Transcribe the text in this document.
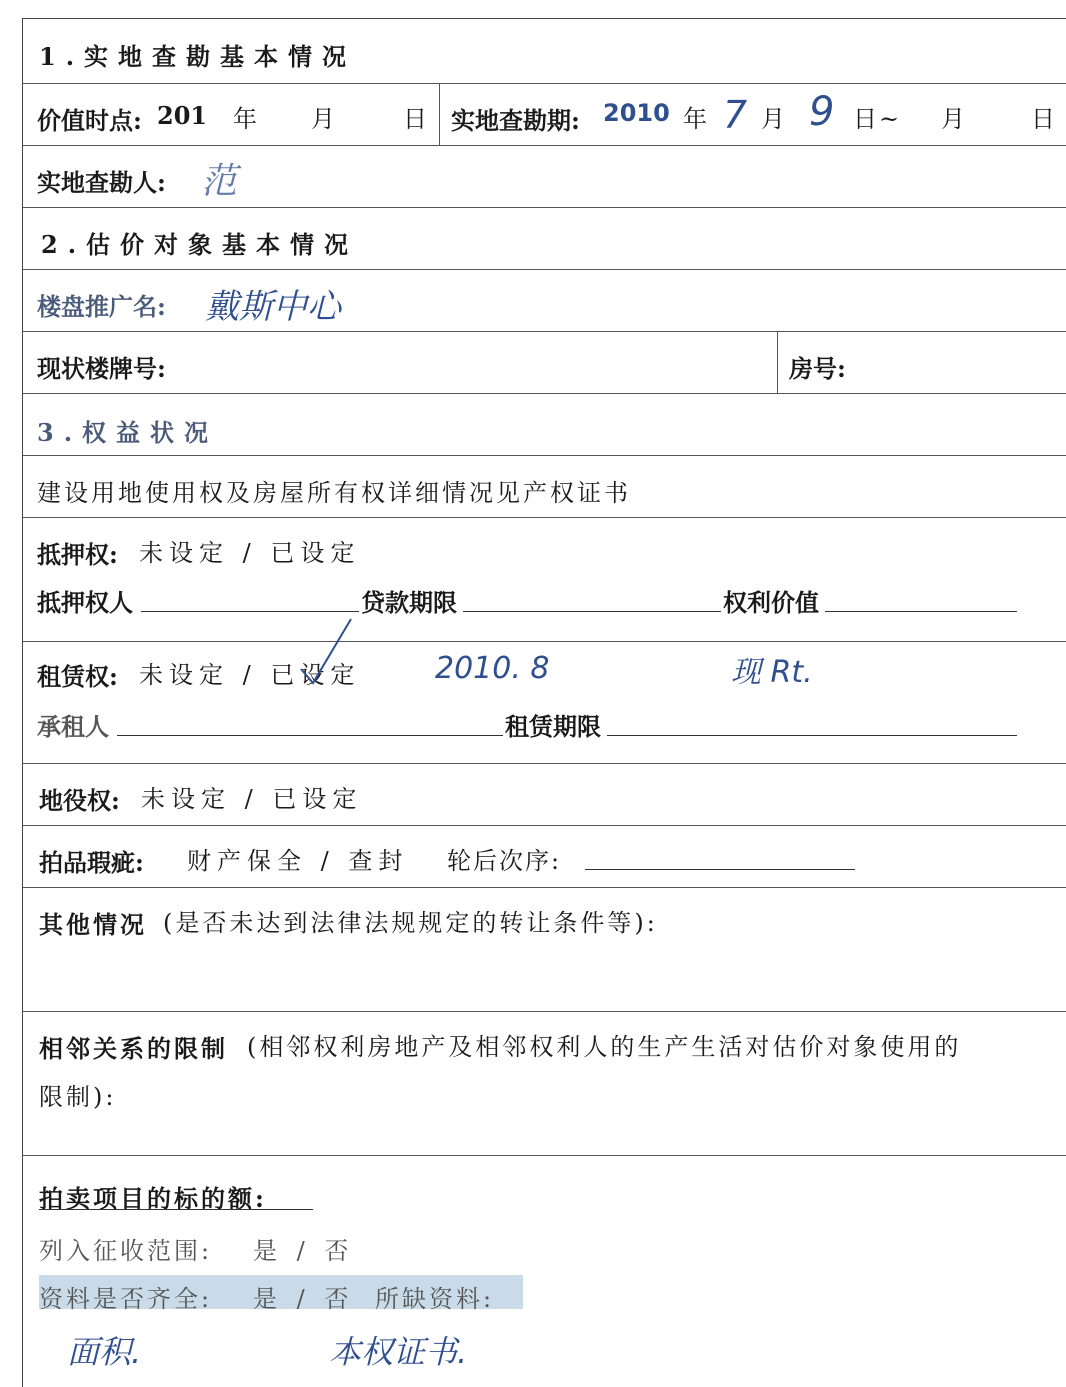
1.实地查勘基本情况
价值时点: 201 年 月	日 实地查勘期: 2010 年 7 月 9 日~ 月	日
实地查勘人: 范
2.估价对象基本情况
楼盘推广名: 戴斯中心
现状楼牌号:	房号:
3.权益状况
建设用地使用权及房屋所有权详细情况见产权证书
抵押权: 未设定 / 已设定
抵押权人	贷款期限	权利价值
租赁权: 未设定 / 已设定 2010. 8	现 Rt.
承租人	租赁期限
地役权: 未设定 / 已设定
拍品瑕疵: 财产保全 / 查封 轮后次序:
其他情况 (是否未达到法律法规规定的转让条件等):
相邻关系的限制 (相邻权利房地产及相邻权利人的生产生活对估价对象使用的
限制):
拍卖项目的标的额:
列入征收范围: 是 / 否
资料是否齐全: 是 / 否 所缺资料:
面积.	本权证书.
